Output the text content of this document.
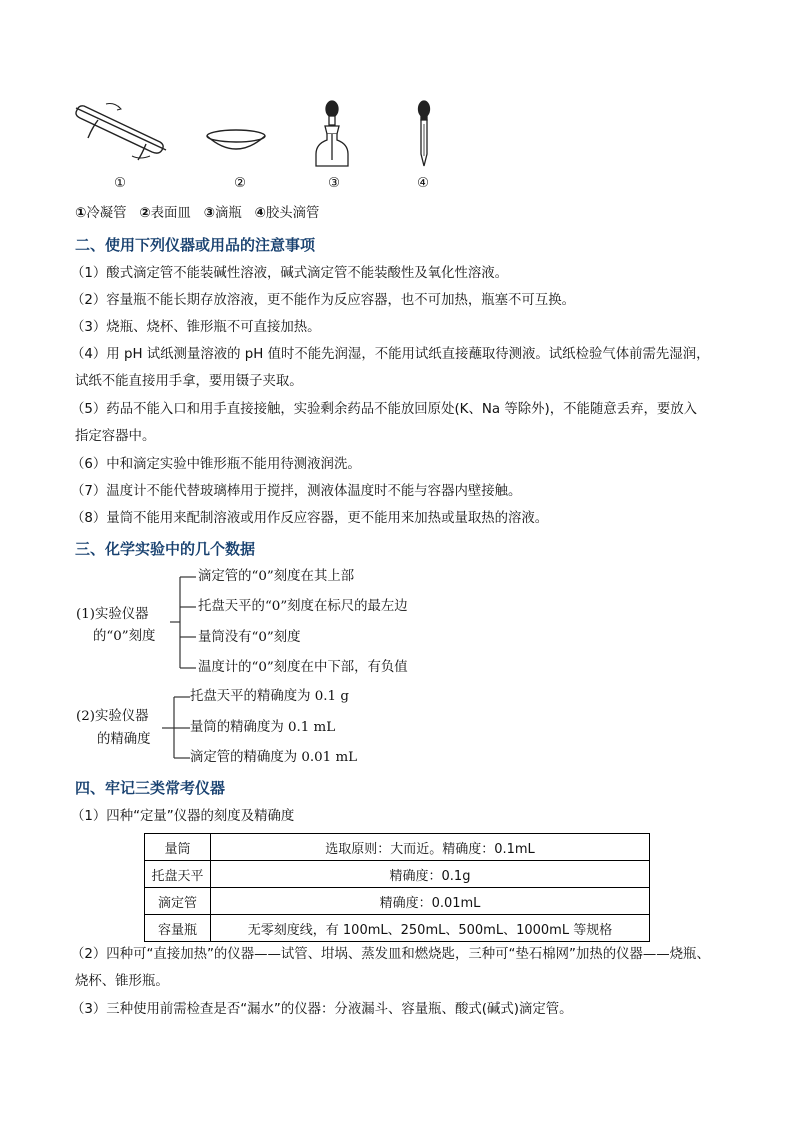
①	②	③	④
①冷凝管 ②表面皿 ③滴瓶 ④胶头滴管
二、使用下列仪器或用品的注意事项
（1）酸式滴定管不能装碱性溶液，碱式滴定管不能装酸性及氧化性溶液。
（2）容量瓶不能长期存放溶液，更不能作为反应容器，也不可加热，瓶塞不可互换。
（3）烧瓶、烧杯、锥形瓶不可直接加热。
（4）用 pH 试纸测量溶液的 pH 值时不能先润湿，不能用试纸直接蘸取待测液。试纸检验气体前需先湿润，
试纸不能直接用手拿，要用镊子夹取。
（5）药品不能入口和用手直接接触，实验剩余药品不能放回原处(K、Na 等除外)，不能随意丢弃，要放入
指定容器中。
（6）中和滴定实验中锥形瓶不能用待测液润洗。
（7）温度计不能代替玻璃棒用于搅拌，测液体温度时不能与容器内壁接触。
（8）量筒不能用来配制溶液或用作反应容器，更不能用来加热或量取热的溶液。
三、化学实验中的几个数据
(1)实验仪器
的“0”刻度
滴定管的“0”刻度在其上部
托盘天平的“0”刻度在标尺的最左边
量筒没有“0”刻度
温度计的“0”刻度在中下部，有负值
(2)实验仪器
的精确度
托盘天平的精确度为 0.1 g
量筒的精确度为 0.1 mL
滴定管的精确度为 0.01 mL
四、牢记三类常考仪器
（1）四种“定量”仪器的刻度及精确度
量筒	选取原则：大而近。精确度：0.1mL
托盘天平	精确度：0.1g
滴定管	精确度：0.01mL
容量瓶	无零刻度线，有 100mL、250mL、500mL、1000mL 等规格
（2）四种可“直接加热”的仪器——试管、坩埚、蒸发皿和燃烧匙，三种可“垫石棉网”加热的仪器——烧瓶、
烧杯、锥形瓶。
（3）三种使用前需检查是否“漏水”的仪器：分液漏斗、容量瓶、酸式(碱式)滴定管。
